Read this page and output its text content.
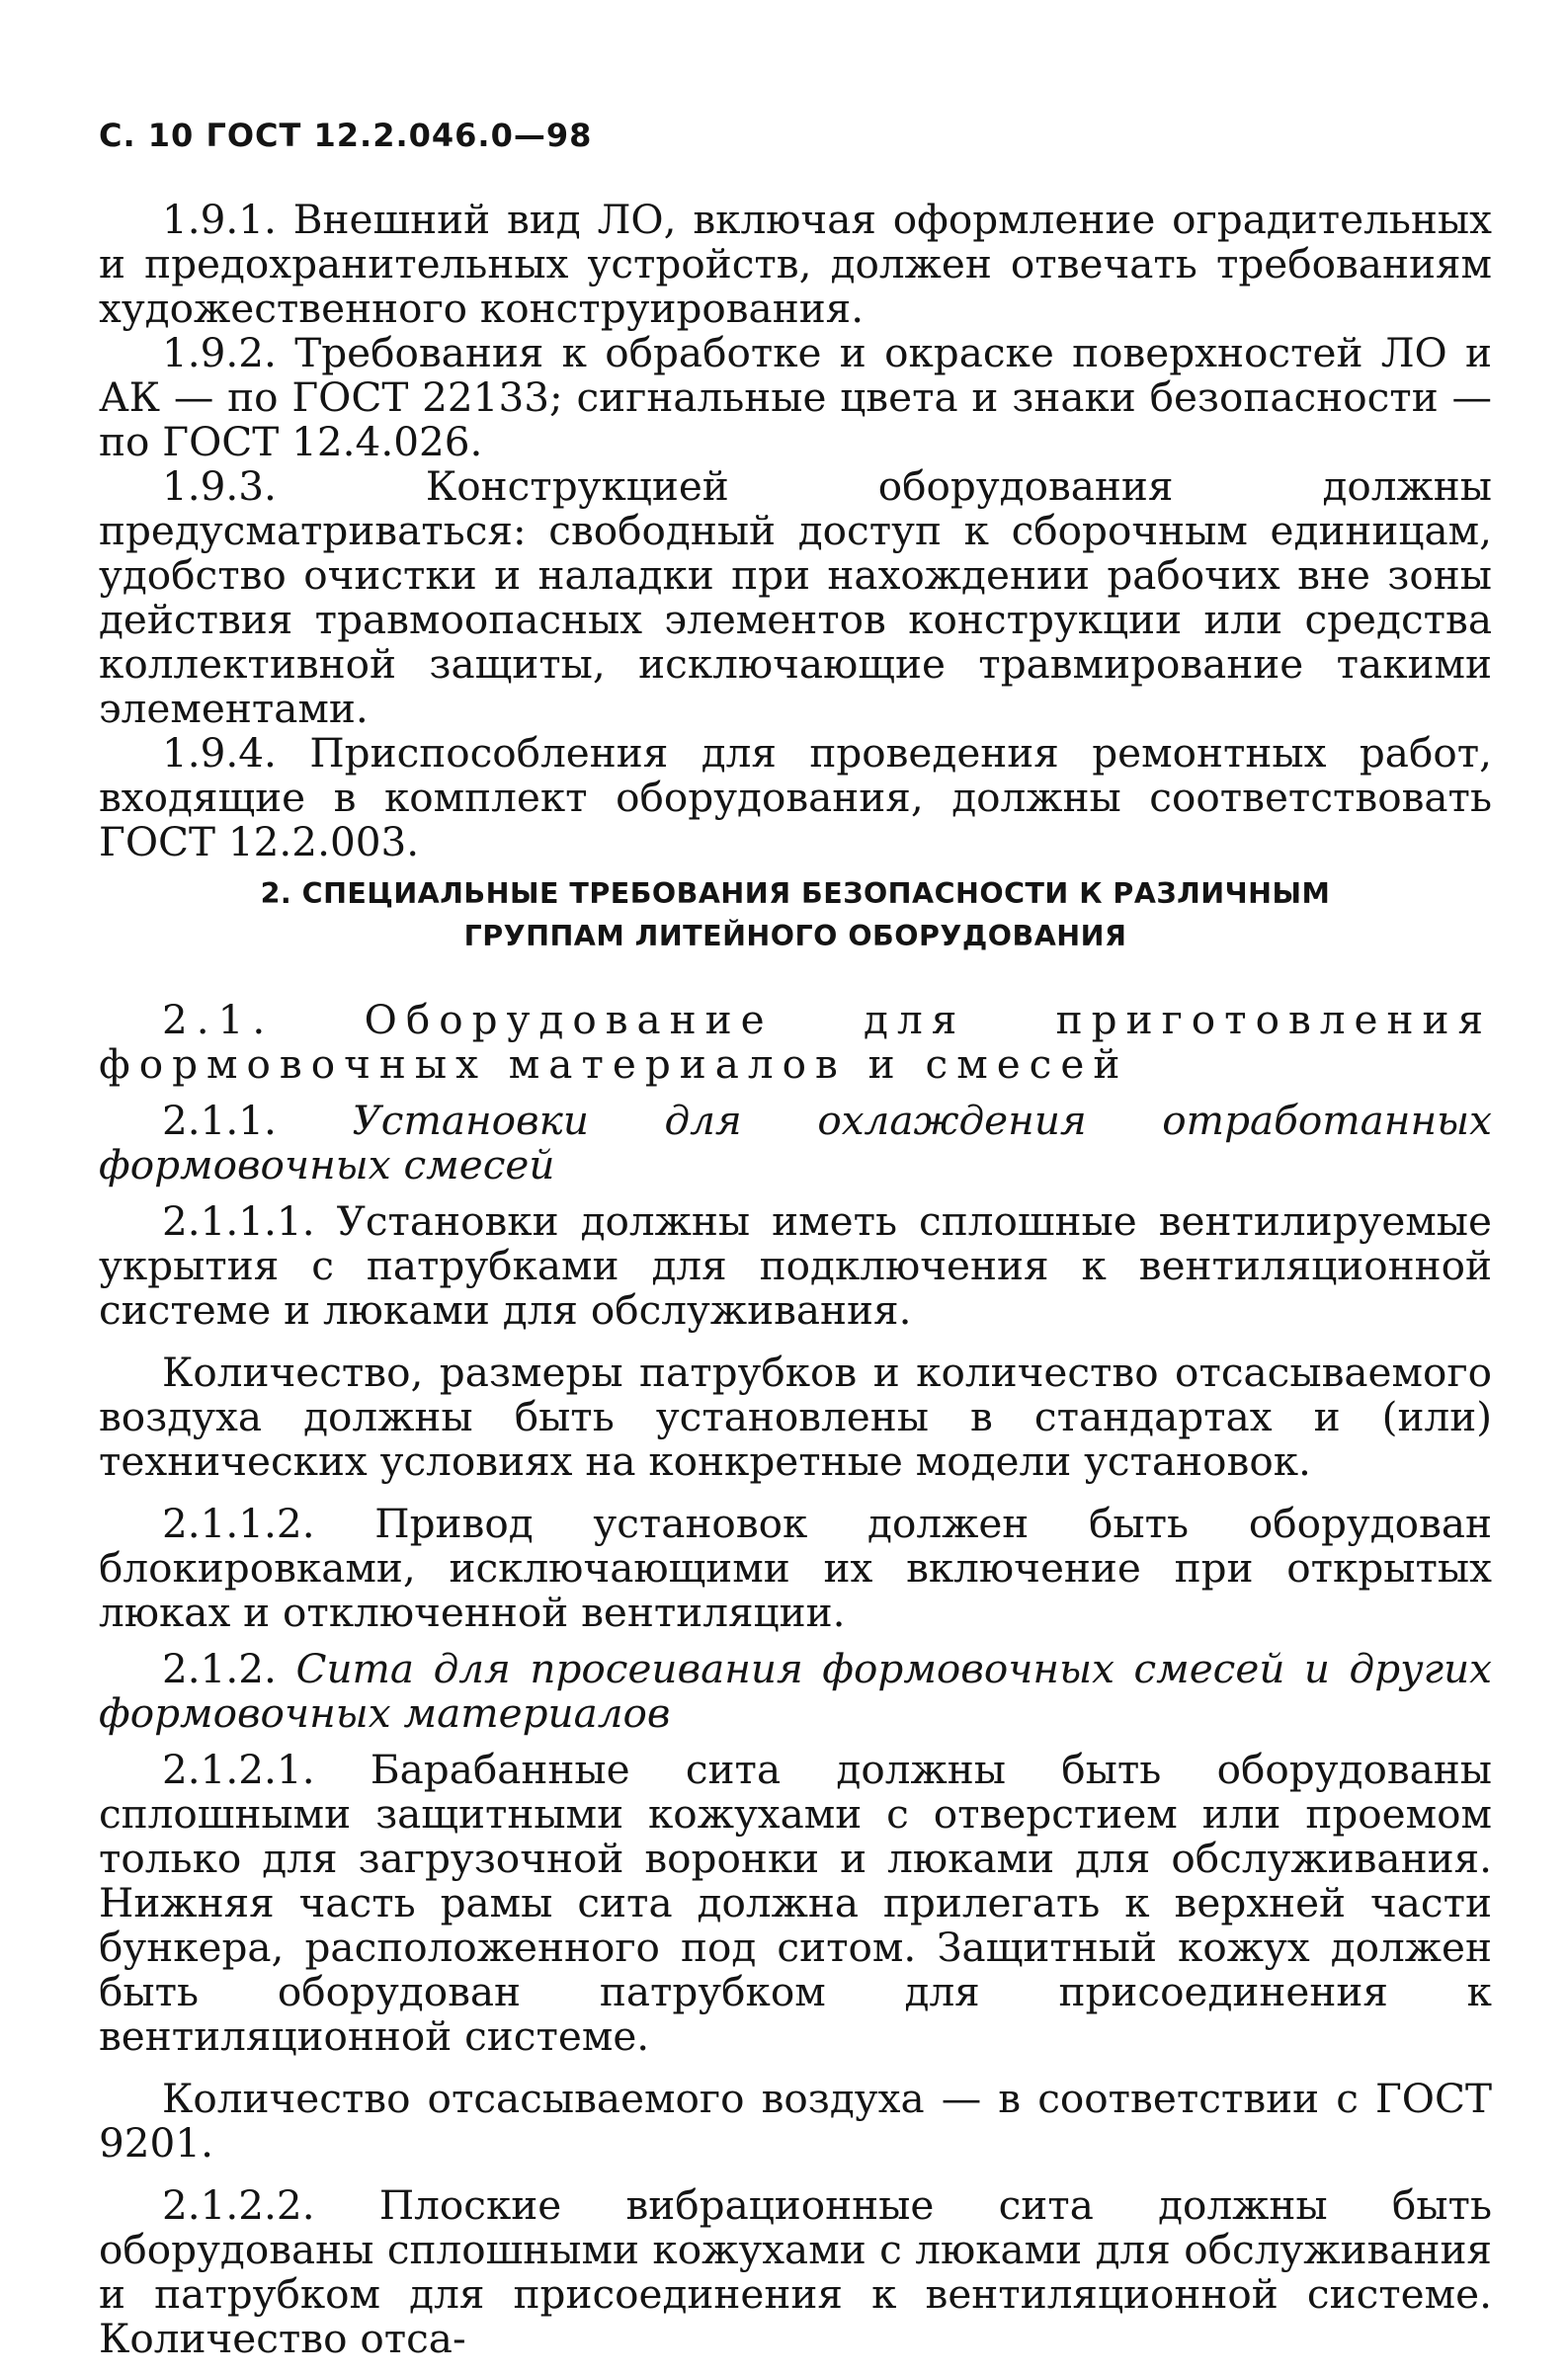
С. 10 ГОСТ 12.2.046.0—98

1.9.1. Внешний вид ЛО, включая оформление оградительных и предохранительных устройств, должен отвечать требованиям художественного конструирования.

1.9.2. Требования к обработке и окраске поверхностей ЛО и АК — по ГОСТ 22133; сигнальные цвета и знаки безопасности — по ГОСТ 12.4.026.

1.9.3. Конструкцией оборудования должны предусматриваться: свободный доступ к сборочным единицам, удобство очистки и наладки при нахождении рабочих вне зоны действия травмоопасных элементов конструкции или средства коллективной защиты, исключающие травмирование такими элементами.

1.9.4. Приспособления для проведения ремонтных работ, входящие в комплект оборудования, должны соответствовать ГОСТ 12.2.003.

2. СПЕЦИАЛЬНЫЕ ТРЕБОВАНИЯ БЕЗОПАСНОСТИ К РАЗЛИЧНЫМ
ГРУППАМ ЛИТЕЙНОГО ОБОРУДОВАНИЯ

2.1. Оборудование для приготовления формовочных материалов и смесей

2.1.1. Установки для охлаждения отработанных формовочных смесей

2.1.1.1. Установки должны иметь сплошные вентилируемые укрытия с патрубками для подключения к вентиляционной системе и люками для обслуживания.

Количество, размеры патрубков и количество отсасываемого воздуха должны быть установлены в стандартах и (или) технических условиях на конкретные модели установок.

2.1.1.2. Привод установок должен быть оборудован блокировками, исключающими их включение при открытых люках и отключенной вентиляции.

2.1.2. Сита для просеивания формовочных смесей и других формовочных материалов

2.1.2.1. Барабанные сита должны быть оборудованы сплошными защитными кожухами с отверстием или проемом только для загрузочной воронки и люками для обслуживания. Нижняя часть рамы сита должна прилегать к верхней части бункера, расположенного под ситом. Защитный кожух должен быть оборудован патрубком для присоединения к вентиляционной системе.

Количество отсасываемого воздуха — в соответствии с ГОСТ 9201.

2.1.2.2. Плоские вибрационные сита должны быть оборудованы сплошными кожухами с люками для обслуживания и патрубком для присоединения к вентиляционной системе. Количество отса-
